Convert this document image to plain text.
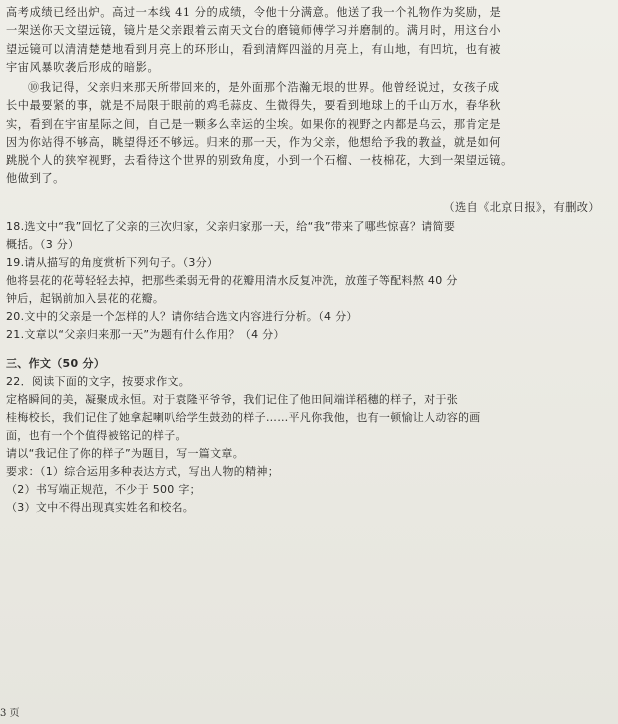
高考成绩已经出炉。高过一本线 41 分的成绩，令他十分满意。他送了我一个礼物作为奖励，是

一架送你天文望远镜，镜片是父亲跟着云南天文台的磨镜师傅学习并磨制的。满月时，用这台小

望远镜可以清清楚楚地看到月亮上的环形山，看到清辉四溢的月亮上，有山地，有凹坑，也有被

宇宙风暴吹袭后形成的暗影。

⑩我记得，父亲归来那天所带回来的，是外面那个浩瀚无垠的世界。他曾经说过，女孩子成

长中最要紧的事，就是不局限于眼前的鸡毛蒜皮、生微得失，要看到地球上的千山万水，春华秋

实，看到在宇宙星际之间，自己是一颗多么幸运的尘埃。如果你的视野之内都是乌云，那肯定是

因为你站得不够高，眺望得还不够远。归来的那一天，作为父亲，他想给予我的教益，就是如何

跳脱个人的狭窄视野，去看待这个世界的别致角度，小到一个石榴、一枝棉花，大到一架望远镜。

他做到了。

（选自《北京日报》，有删改）

18.选文中“我”回忆了父亲的三次归家，父亲归家那一天，给“我”带来了哪些惊喜？请简要

概括。（3 分）

19.请从描写的角度赏析下列句子。（3分）

他将昙花的花萼轻轻去掉，把那些柔弱无骨的花瓣用清水反复冲洗，放莲子等配料熬 40 分

钟后，起锅前加入昙花的花瓣。

20.文中的父亲是一个怎样的人？请你结合选文内容进行分析。（4 分）

21.文章以“父亲归来那一天”为题有什么作用？（4 分）

三、作文（50 分）

22．阅读下面的文字，按要求作文。

定格瞬间的美，凝聚成永恒。对于袁隆平爷爷，我们记住了他田间端详稻穗的样子，对于张

桂梅校长，我们记住了她拿起喇叭给学生鼓劲的样子……平凡你我他，也有一顿愉让人动容的画

面，也有一个个值得被铭记的样子。

请以“我记住了你的样子”为题目，写一篇文章。

要求：（1）综合运用多种表达方式，写出人物的精神；

（2）书写端正规范，不少于 500 字；

（3）文中不得出现真实姓名和校名。

3 页
